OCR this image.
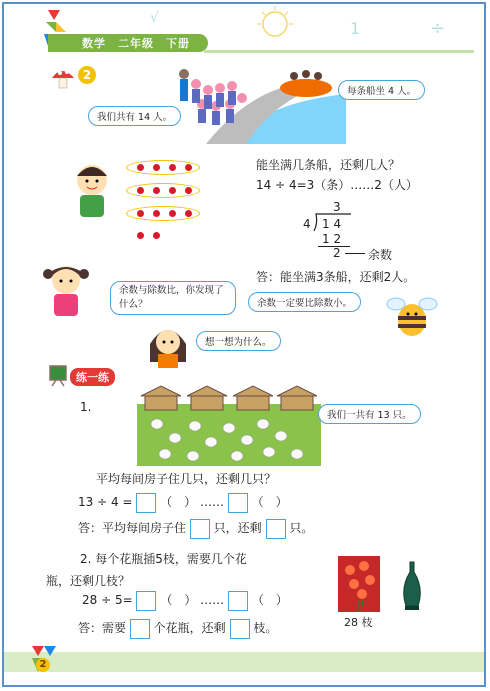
数学　二年级　下册
√
1	÷
2
我们共有 14 人。
每条船坐 4 人。
能坐满几条船，还剩几人？
14 ÷ 4=3（条）……2（人）
3
4 1 4
1 2
2 余数
答：能坐满3条船，还剩2人。
余数与除数比，你发现了什么？	余数一定要比除数小。
想一想为什么。
练一练
1.
我们一共有 13 只。
平均每间房子住几只，还剩几只？
13 ÷ 4 = （　） …… （　）
答：平均每间房子住 只，还剩 只。
2. 每个花瓶插5枝，需要几个花
瓶，还剩几枝？
28 ÷ 5= （　） …… （　）
答：需要 个花瓶，还剩 枝。	28 枝
2
